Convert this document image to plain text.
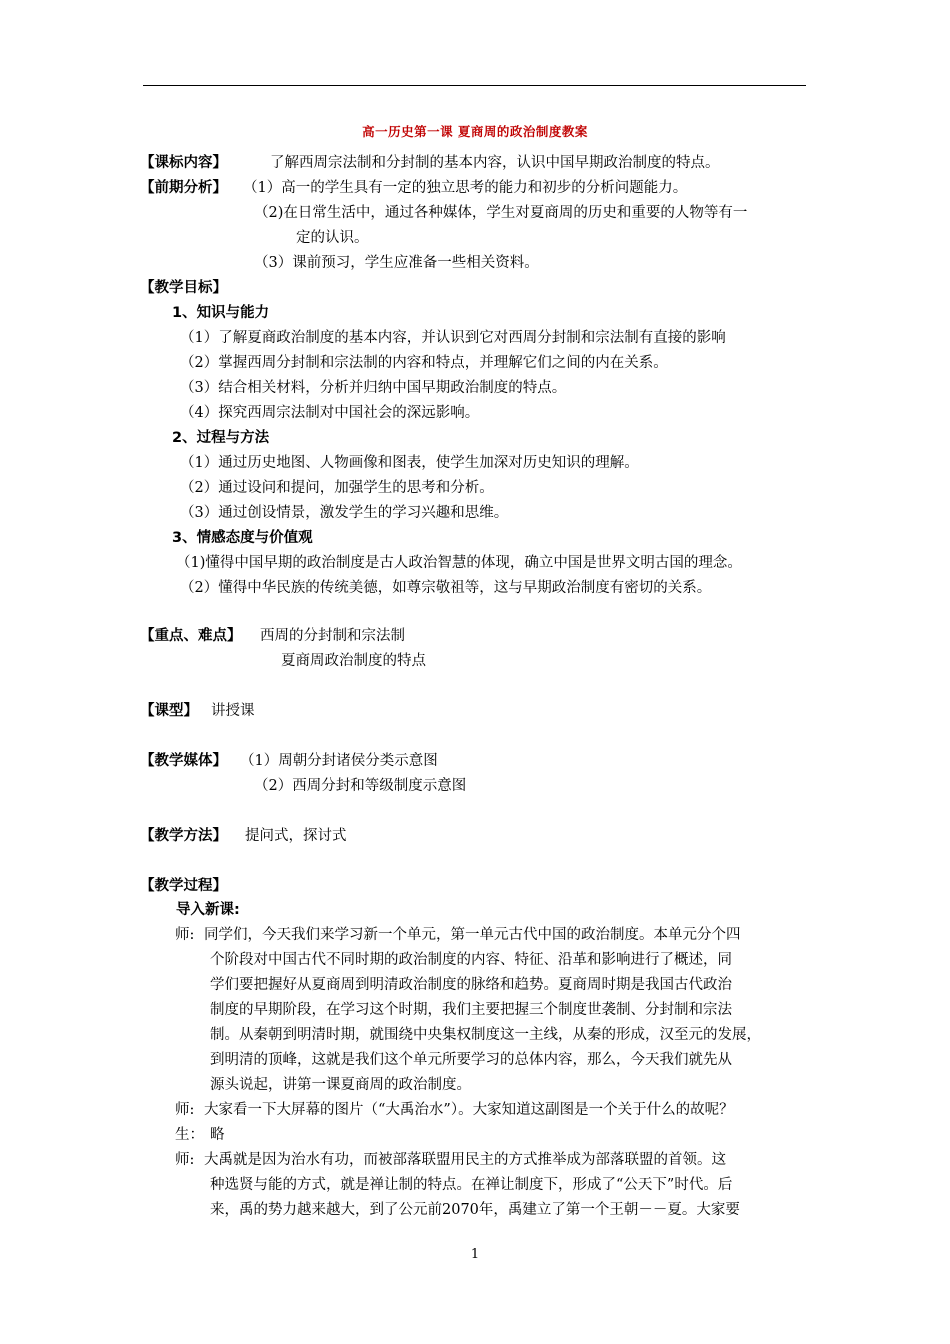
高一历史第一课 夏商周的政治制度教案
【课标内容】	了解西周宗法制和分封制的基本内容，认识中国早期政治制度的特点。
【前期分析】 （1）高一的学生具有一定的独立思考的能力和初步的分析问题能力。
（2)在日常生活中，通过各种媒体，学生对夏商周的历史和重要的人物等有一
定的认识。
（3）课前预习，学生应准备一些相关资料。
【教学目标】
1、知识与能力
（1）了解夏商政治制度的基本内容，并认识到它对西周分封制和宗法制有直接的影响
（2）掌握西周分封制和宗法制的内容和特点，并理解它们之间的内在关系。
（3）结合相关材料，分析并归纳中国早期政治制度的特点。
（4）探究西周宗法制对中国社会的深远影响。
2、过程与方法
（1）通过历史地图、人物画像和图表，使学生加深对历史知识的理解。
（2）通过设问和提问，加强学生的思考和分析。
（3）通过创设情景，激发学生的学习兴趣和思维。
3、情感态度与价值观
（1)懂得中国早期的政治制度是古人政治智慧的体现，确立中国是世界文明古国的理念。
（2）懂得中华民族的传统美德，如尊宗敬祖等，这与早期政治制度有密切的关系。
【重点、难点】 西周的分封制和宗法制
夏商周政治制度的特点
【课型】 讲授课
【教学媒体】 （1）周朝分封诸侯分类示意图
（2）西周分封和等级制度示意图
【教学方法】 提问式，探讨式
【教学过程】
导入新课:
师: 同学们，今天我们来学习新一个单元，第一单元古代中国的政治制度。本单元分个四
个阶段对中国古代不同时期的政治制度的内容、特征、沿革和影响进行了概述，同
学们要把握好从夏商周到明清政治制度的脉络和趋势。夏商周时期是我国古代政治
制度的早期阶段，在学习这个时期，我们主要把握三个制度世袭制、分封制和宗法
制。从秦朝到明清时期，就围绕中央集权制度这一主线，从秦的形成，汉至元的发展，
到明清的顶峰，这就是我们这个单元所要学习的总体内容，那么，今天我们就先从
源头说起，讲第一课夏商周的政治制度。
师: 大家看一下大屏幕的图片（“大禹治水”）。大家知道这副图是一个关于什么的故呢？
生： 略
师: 大禹就是因为治水有功，而被部落联盟用民主的方式推举成为部落联盟的首领。这
种选贤与能的方式，就是禅让制的特点。在禅让制度下，形成了“公天下”时代。后
来，禹的势力越来越大，到了公元前2070年，禹建立了第一个王朝－－夏。大家要
1
